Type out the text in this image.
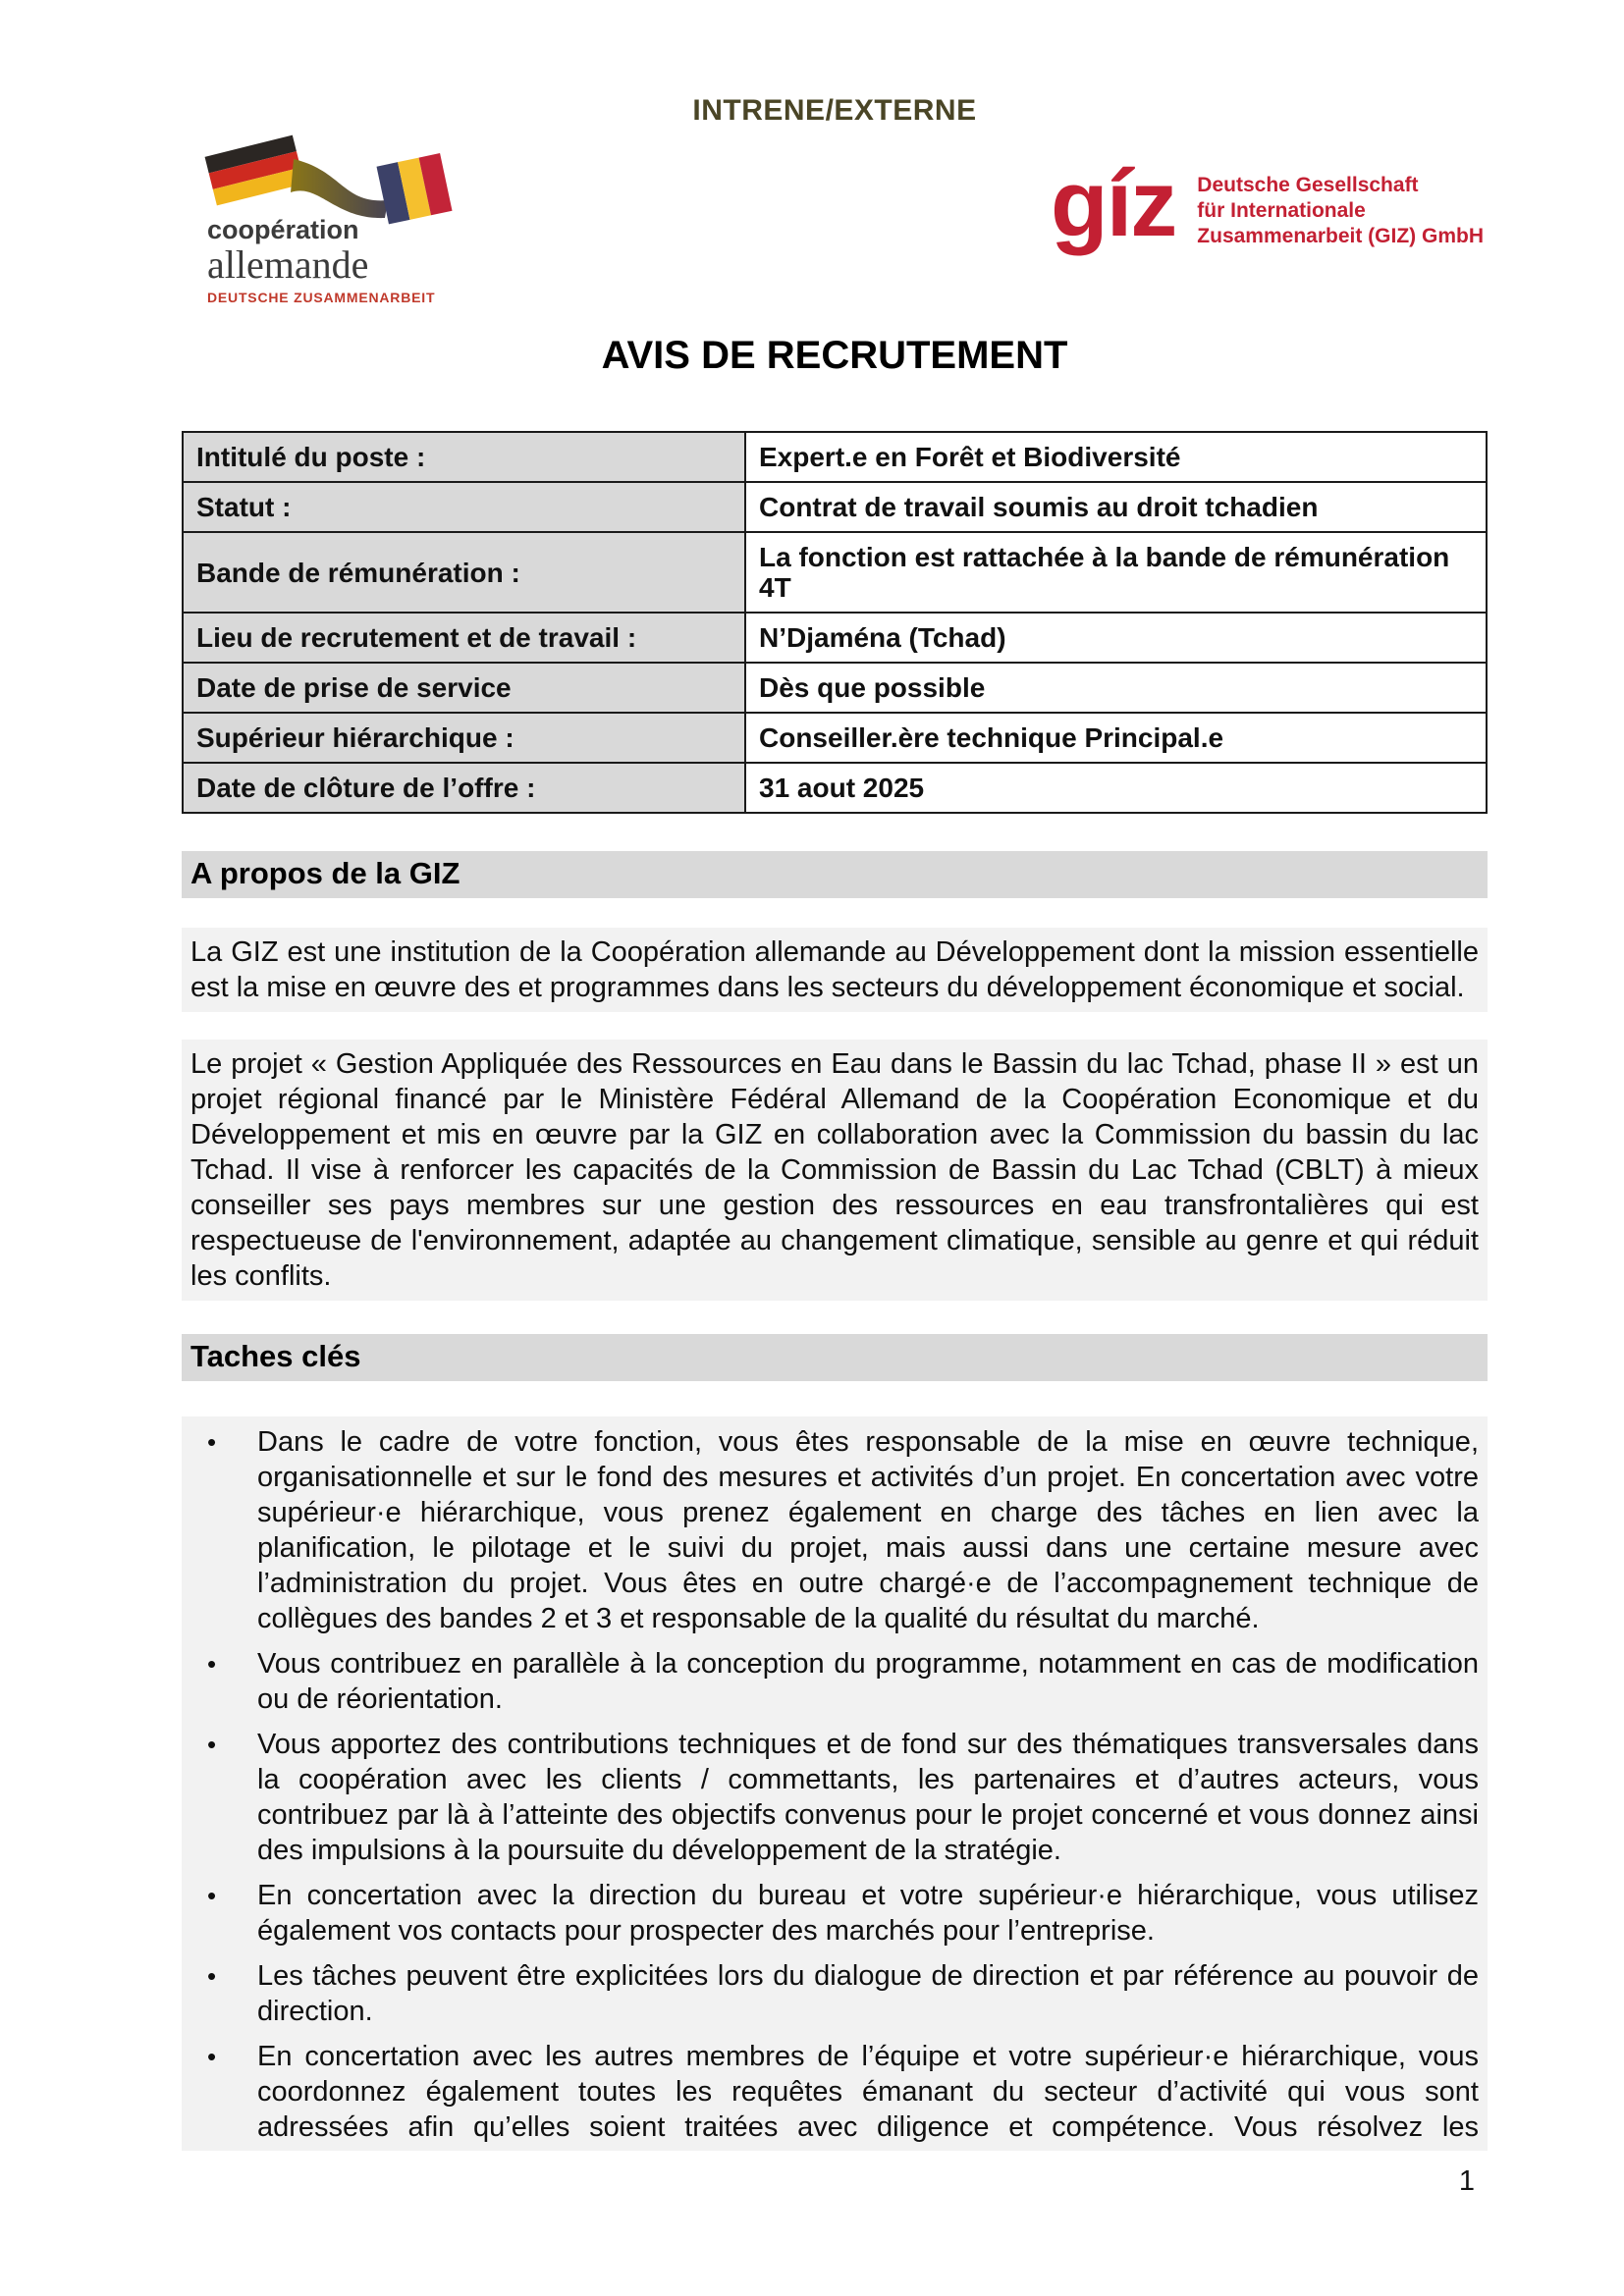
INTRENE/EXTERNE
coopération
allemande
DEUTSCHE ZUSAMMENARBEIT
gíz Deutsche Gesellschaft
für Internationale
Zusammenarbeit (GIZ) GmbH
AVIS DE RECRUTEMENT
Intitulé du poste :	Expert.e en Forêt et Biodiversité
Statut :	Contrat de travail soumis au droit tchadien
Bande de rémunération :	La fonction est rattachée à la bande de rémunération 4T
Lieu de recrutement et de travail :	N’Djaména (Tchad)
Date de prise de service	Dès que possible
Supérieur hiérarchique :	Conseiller.ère technique Principal.e
Date de clôture de l’offre :	31 aout 2025
A propos de la GIZ

La GIZ est une institution de la Coopération allemande au Développement dont la mission essentielle est la mise en œuvre des et programmes dans les secteurs du développement économique et social.

Le projet « Gestion Appliquée des Ressources en Eau dans le Bassin du lac Tchad, phase II » est un projet régional financé par le Ministère Fédéral Allemand de la Coopération Economique et du Développement et mis en œuvre par la GIZ en collaboration avec la Commission du bassin du lac Tchad. Il vise à renforcer les capacités de la Commission de Bassin du Lac Tchad (CBLT) à mieux conseiller ses pays membres sur une gestion des ressources en eau transfrontalières qui est respectueuse de l'environnement, adaptée au changement climatique, sensible au genre et qui réduit les conflits.

Taches clés
• Dans le cadre de votre fonction, vous êtes responsable de la mise en œuvre technique, organisationnelle et sur le fond des mesures et activités d’un projet. En concertation avec votre supérieur·e hiérarchique, vous prenez également en charge des tâches en lien avec la planification, le pilotage et le suivi du projet, mais aussi dans une certaine mesure avec l’administration du projet. Vous êtes en outre chargé·e de l’accompagnement technique de collègues des bandes 2 et 3 et responsable de la qualité du résultat du marché.
• Vous contribuez en parallèle à la conception du programme, notamment en cas de modification ou de réorientation.
• Vous apportez des contributions techniques et de fond sur des thématiques transversales dans la coopération avec les clients / commettants, les partenaires et d’autres acteurs, vous contribuez par là à l’atteinte des objectifs convenus pour le projet concerné et vous donnez ainsi des impulsions à la poursuite du développement de la stratégie.
• En concertation avec la direction du bureau et votre supérieur·e hiérarchique, vous utilisez également vos contacts pour prospecter des marchés pour l’entreprise.
• Les tâches peuvent être explicitées lors du dialogue de direction et par référence au pouvoir de direction.
• En concertation avec les autres membres de l’équipe et votre supérieur·e hiérarchique, vous coordonnez également toutes les requêtes émanant du secteur d’activité qui vous sont adressées afin qu’elles soient traitées avec diligence et compétence. Vous résolvez les
1
